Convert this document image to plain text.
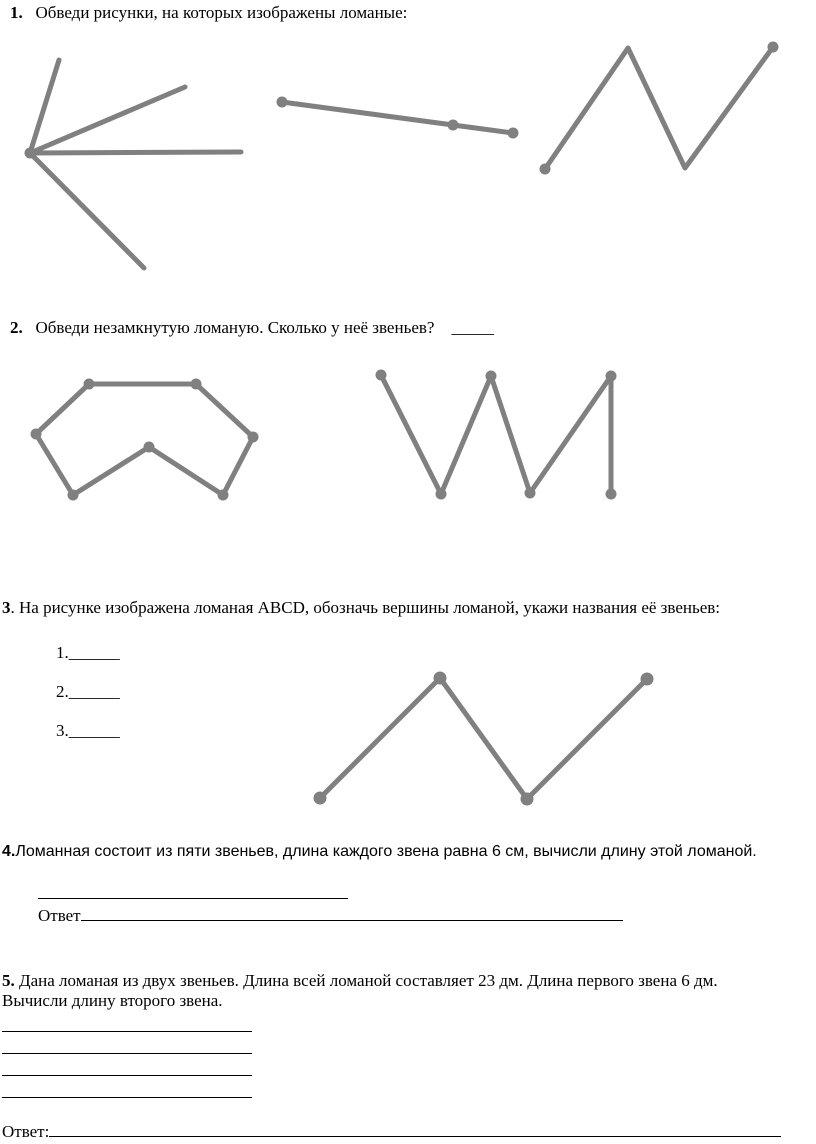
1. Обведи рисунки, на которых изображены ломаные:
2. Обведи незамкнутую ломаную. Сколько у неё звеньев? _____
3. На рисунке изображена ломаная ABCD, обозначь вершины ломаной, укажи названия её звеньев:
1.______
2.______
3.______
4.Ломанная состоит из пяти звеньев, длина каждого звена равна 6 см, вычисли длину этой ломаной.
Ответ
5. Дана ломаная из двух звеньев. Длина всей ломаной составляет 23 дм. Длина первого звена 6 дм.
Вычисли длину второго звена.
Ответ:
